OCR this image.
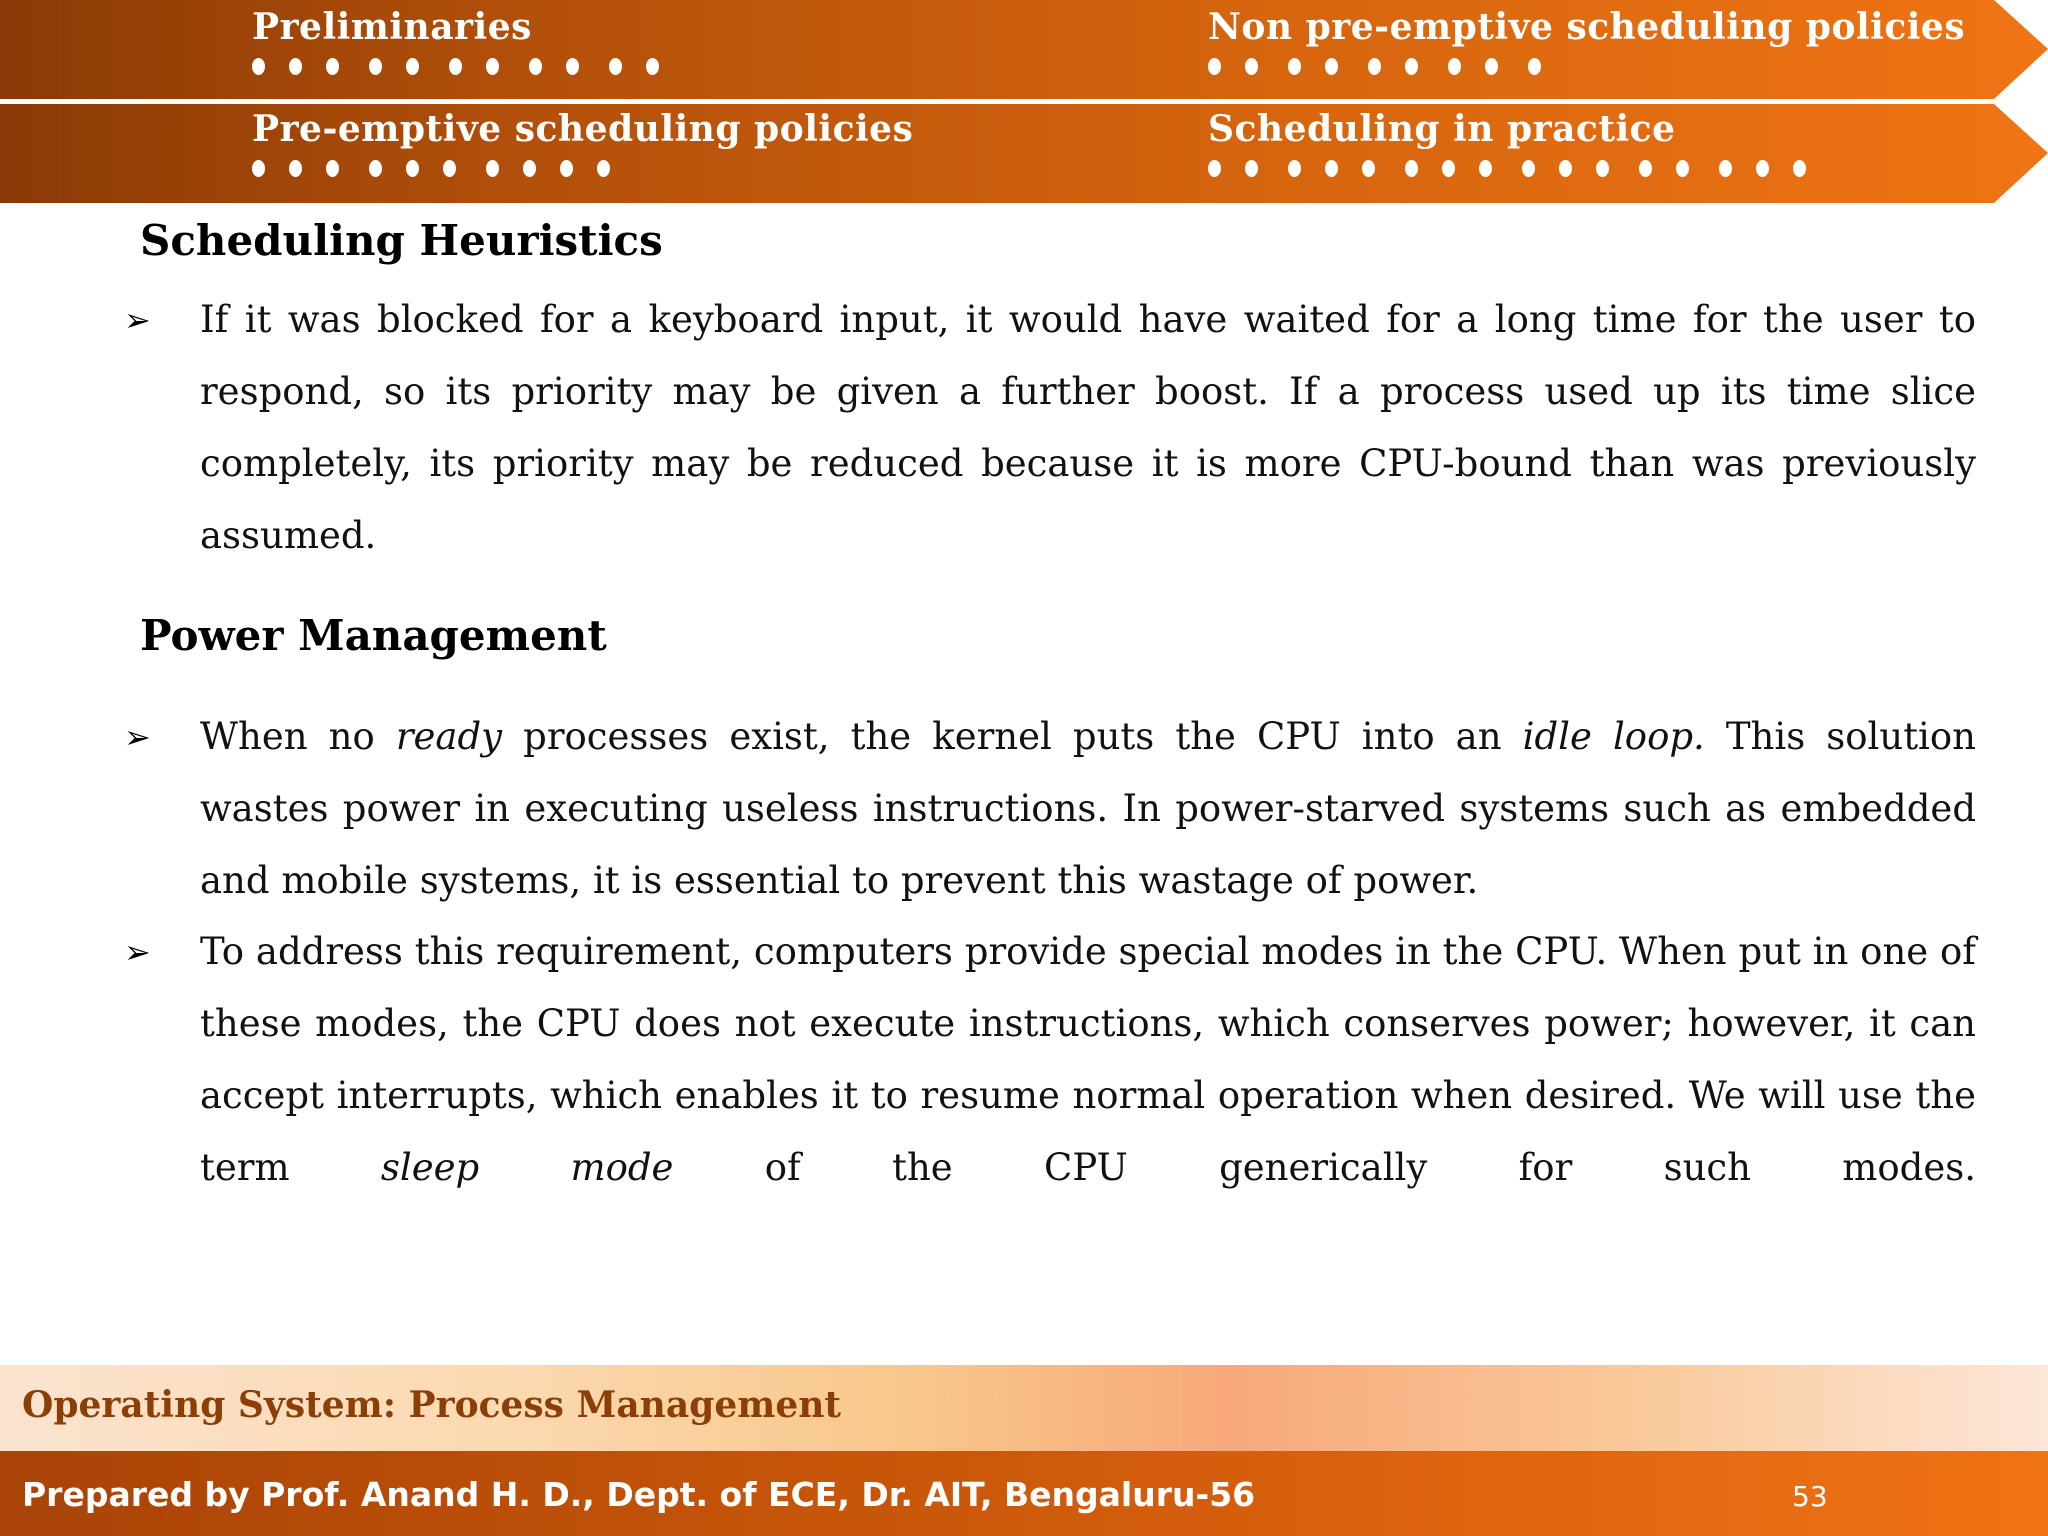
Preliminaries	Non pre-emptive scheduling policies
Pre-emptive scheduling policies	Scheduling in practice
Scheduling Heuristics
➢ If it was blocked for a keyboard input, it would have waited for a long time for the user to respond, so its priority may be given a further boost. If a process used up its time slice completely, its priority may be reduced because it is more CPU-bound than was previously assumed.
Power Management
➢ When no ready processes exist, the kernel puts the CPU into an idle loop. This solution wastes power in executing useless instructions. In power-starved systems such as embedded and mobile systems, it is essential to prevent this wastage of power.
➢ To address this requirement, computers provide special modes in the CPU. When put in one of these modes, the CPU does not execute instructions, which conserves power; however, it can accept interrupts, which enables it to resume normal operation when desired. We will use the term sleep mode of the CPU generically for such modes.
Operating System: Process Management
Prepared by Prof. Anand H. D., Dept. of ECE, Dr. AIT, Bengaluru-56	53
